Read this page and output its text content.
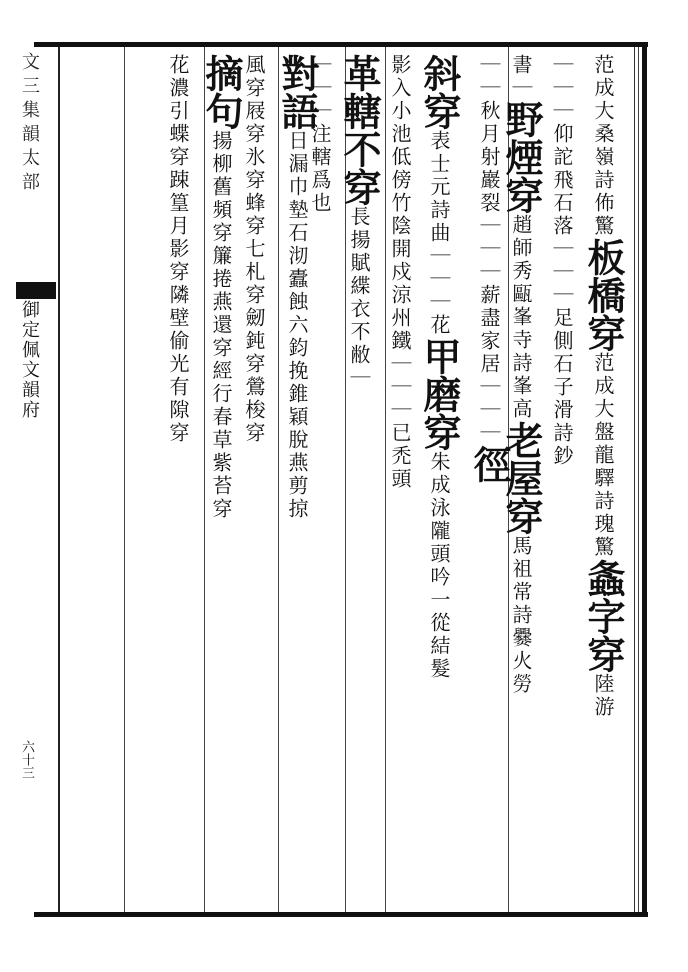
文三集韻太部
御定佩文韻府
六十三
范成大桑嶺詩佈驚板橋穿范成大盤龍驛詩瑰驚螽字穿陸游
｜｜｜仰詑飛石落｜｜｜足側石子滑詩鈔
書｜野煙穿趙師秀甌峯寺詩峯高老屋穿馬祖常詩爨火勞
｜｜秋月射巖裂｜｜｜薪盡家居｜｜｜徑
斜穿表士元詩曲｜｜｜花甲磨穿朱成泳隴頭吟一從結髮
影入小池低傍竹陰開戍涼州鐵｜｜｜已禿頭
革轄不穿長揚賦緤衣不敝｜
｜｜｜注轄爲也
對語日漏巾墊石沏蠹蝕六鈞挽錐穎脫燕剪掠
風穿屐穿氷穿蜂穿七札穿劒鈍穿鶯梭穿
摘句揚柳舊頻穿簾捲燕還穿經行春草紫苔穿
花濃引蝶穿踈篁月影穿隣壁偷光有隙穿
